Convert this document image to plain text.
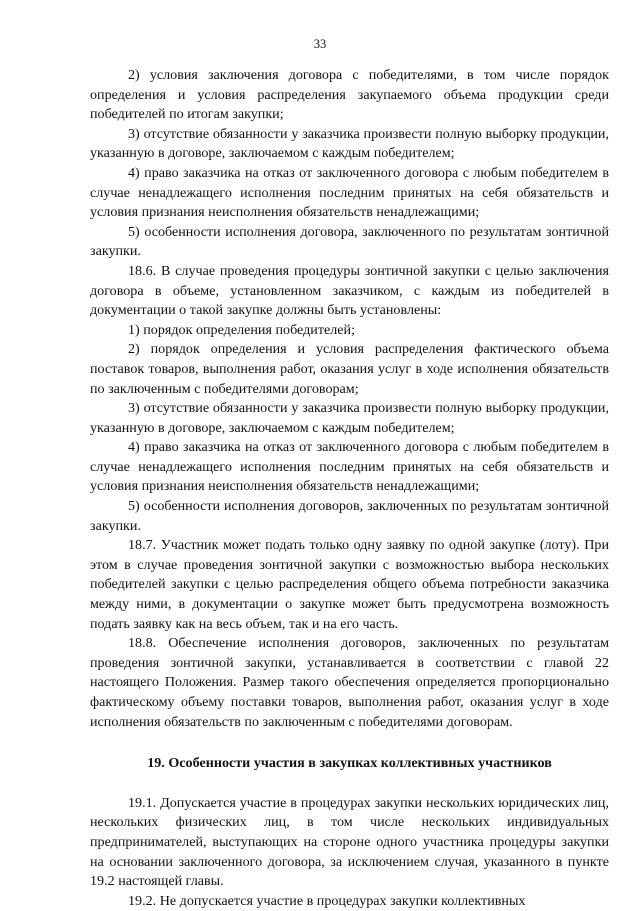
33

2) условия заключения договора с победителями, в том числе порядок определения и условия распределения закупаемого объема продукции среди победителей по итогам закупки;

3) отсутствие обязанности у заказчика произвести полную выборку продукции, указанную в договоре, заключаемом с каждым победителем;

4) право заказчика на отказ от заключенного договора с любым победителем в случае ненадлежащего исполнения последним принятых на себя обязательств и условия признания неисполнения обязательств ненадлежащими;

5) особенности исполнения договора, заключенного по результатам зонтичной закупки.

18.6. В случае проведения процедуры зонтичной закупки с целью заключения договора в объеме, установленном заказчиком, с каждым из победителей в документации о такой закупке должны быть установлены:

1) порядок определения победителей;

2) порядок определения и условия распределения фактического объема поставок товаров, выполнения работ, оказания услуг в ходе исполнения обязательств по заключенным с победителями договорам;

3) отсутствие обязанности у заказчика произвести полную выборку продукции, указанную в договоре, заключаемом с каждым победителем;

4) право заказчика на отказ от заключенного договора с любым победителем в случае ненадлежащего исполнения последним принятых на себя обязательств и условия признания неисполнения обязательств ненадлежащими;

5) особенности исполнения договоров, заключенных по результатам зонтичной закупки.

18.7. Участник может подать только одну заявку по одной закупке (лоту). При этом в случае проведения зонтичной закупки с возможностью выбора нескольких победителей закупки с целью распределения общего объема потребности заказчика между ними, в документации о закупке может быть предусмотрена возможность подать заявку как на весь объем, так и на его часть.

18.8. Обеспечение исполнения договоров, заключенных по результатам проведения зонтичной закупки, устанавливается в соответствии с главой 22 настоящего Положения. Размер такого обеспечения определяется пропорционально фактическому объему поставки товаров, выполнения работ, оказания услуг в ходе исполнения обязательств по заключенным с победителями договорам.

19. Особенности участия в закупках коллективных участников

19.1. Допускается участие в процедурах закупки нескольких юридических лиц, нескольких физических лиц, в том числе нескольких индивидуальных предпринимателей, выступающих на стороне одного участника процедуры закупки на основании заключенного договора, за исключением случая, указанного в пункте 19.2 настоящей главы.

19.2. Не допускается участие в процедурах закупки коллективных
